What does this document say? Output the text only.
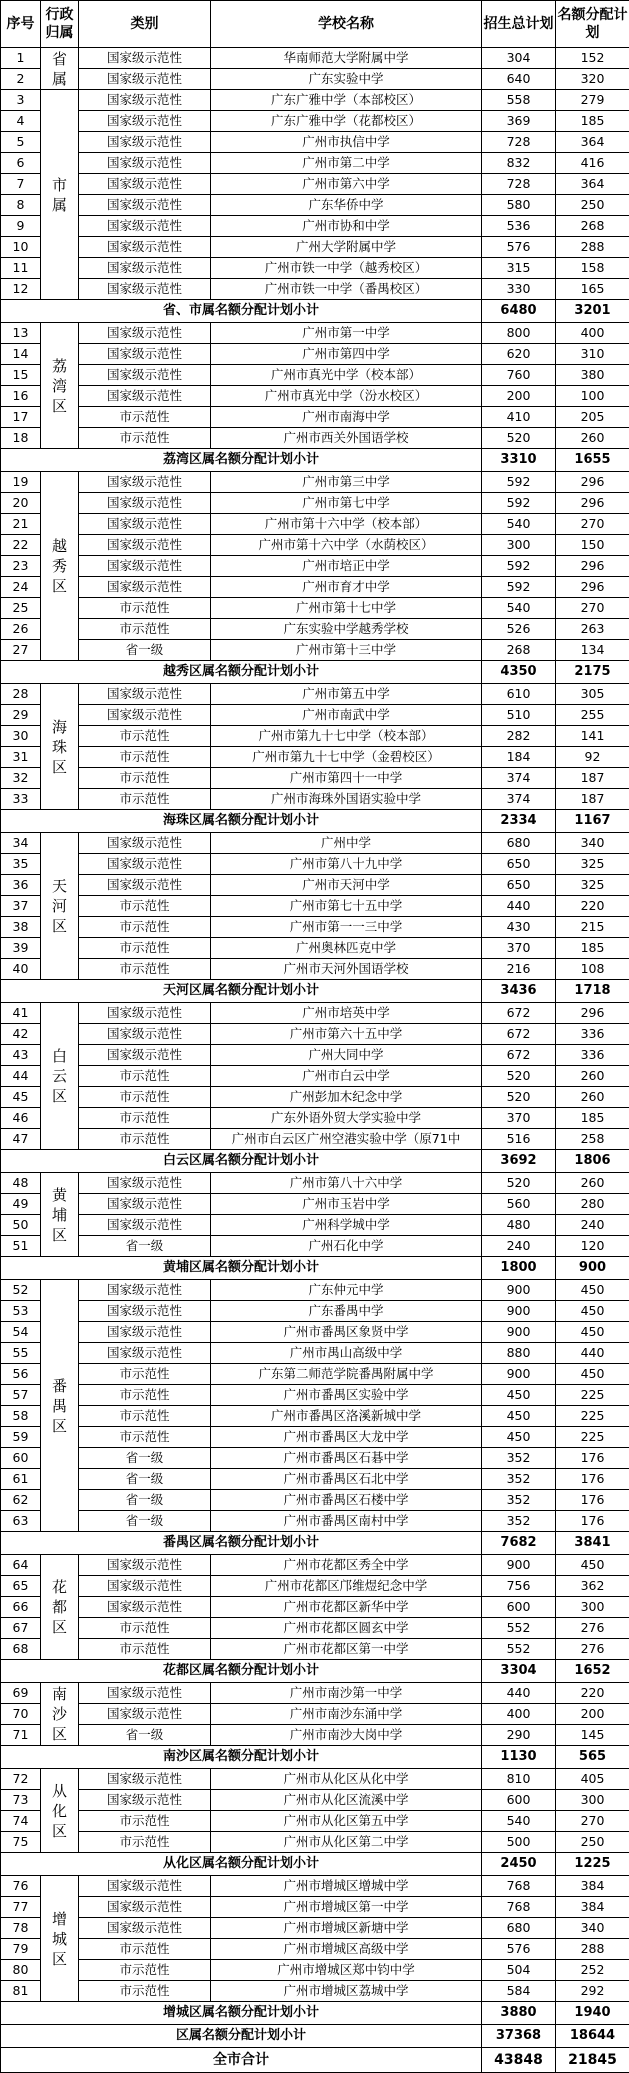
序号	行政归属	类别	学校名称	招生总计划	名额分配计划
1	省属	国家级示范性	华南师范大学附属中学	304	152
2		国家级示范性	广东实验中学	640	320
3	市属	国家级示范性	广东广雅中学（本部校区）	558	279
4		国家级示范性	广东广雅中学（花都校区）	369	185
5		国家级示范性	广州市执信中学	728	364
6		国家级示范性	广州市第二中学	832	416
7		国家级示范性	广州市第六中学	728	364
8		国家级示范性	广东华侨中学	580	250
9		国家级示范性	广州市协和中学	536	268
10		国家级示范性	广州大学附属中学	576	288
11		国家级示范性	广州市铁一中学（越秀校区）	315	158
12		国家级示范性	广州市铁一中学（番禺校区）	330	165
省、市属名额分配计划小计				6480	3201
13	荔湾区	国家级示范性	广州市第一中学	800	400
14		国家级示范性	广州市第四中学	620	310
15		国家级示范性	广州市真光中学（校本部）	760	380
16		国家级示范性	广州市真光中学（汾水校区）	200	100
17		市示范性	广州市南海中学	410	205
18		市示范性	广州市西关外国语学校	520	260
荔湾区属名额分配计划小计				3310	1655
19	越秀区	国家级示范性	广州市第三中学	592	296
20		国家级示范性	广州市第七中学	592	296
21		国家级示范性	广州市第十六中学（校本部）	540	270
22		国家级示范性	广州市第十六中学（水荫校区）	300	150
23		国家级示范性	广州市培正中学	592	296
24		国家级示范性	广州市育才中学	592	296
25		市示范性	广州市第十七中学	540	270
26		市示范性	广东实验中学越秀学校	526	263
27		省一级	广州市第十三中学	268	134
越秀区属名额分配计划小计				4350	2175
28	海珠区	国家级示范性	广州市第五中学	610	305
29		国家级示范性	广州市南武中学	510	255
30		市示范性	广州市第九十七中学（校本部）	282	141
31		市示范性	广州市第九十七中学（金碧校区）	184	92
32		市示范性	广州市第四十一中学	374	187
33		市示范性	广州市海珠外国语实验中学	374	187
海珠区属名额分配计划小计				2334	1167
34	天河区	国家级示范性	广州中学	680	340
35		国家级示范性	广州市第八十九中学	650	325
36		国家级示范性	广州市天河中学	650	325
37		市示范性	广州市第七十五中学	440	220
38		市示范性	广州市第一一三中学	430	215
39		市示范性	广州奥林匹克中学	370	185
40		市示范性	广州市天河外国语学校	216	108
天河区属名额分配计划小计				3436	1718
41	白云区	国家级示范性	广州市培英中学	672	296
42		国家级示范性	广州市第六十五中学	672	336
43		国家级示范性	广州大同中学	672	336
44		市示范性	广州市白云中学	520	260
45		市示范性	广州彭加木纪念中学	520	260
46		市示范性	广东外语外贸大学实验中学	370	185
47		市示范性	广州市白云区广州空港实验中学（原71中	516	258
白云区属名额分配计划小计				3692	1806
48	黄埔区	国家级示范性	广州市第八十六中学	520	260
49		国家级示范性	广州市玉岩中学	560	280
50		国家级示范性	广州科学城中学	480	240
51		省一级	广州石化中学	240	120
黄埔区属名额分配计划小计				1800	900
52	番禺区	国家级示范性	广东仲元中学	900	450
53		国家级示范性	广东番禺中学	900	450
54		国家级示范性	广州市番禺区象贤中学	900	450
55		国家级示范性	广州市禺山高级中学	880	440
56		市示范性	广东第二师范学院番禺附属中学	900	450
57		市示范性	广州市番禺区实验中学	450	225
58		市示范性	广州市番禺区洛溪新城中学	450	225
59		市示范性	广州市番禺区大龙中学	450	225
60		省一级	广州市番禺区石碁中学	352	176
61		省一级	广州市番禺区石北中学	352	176
62		省一级	广州市番禺区石楼中学	352	176
63		省一级	广州市番禺区南村中学	352	176
番禺区属名额分配计划小计				7682	3841
64	花都区	国家级示范性	广州市花都区秀全中学	900	450
65		国家级示范性	广州市花都区邝维煜纪念中学	756	362
66		国家级示范性	广州市花都区新华中学	600	300
67		市示范性	广州市花都区圆玄中学	552	276
68		市示范性	广州市花都区第一中学	552	276
花都区属名额分配计划小计				3304	1652
69	南沙区	国家级示范性	广州市南沙第一中学	440	220
70		国家级示范性	广州市南沙东涌中学	400	200
71		省一级	广州市南沙大岗中学	290	145
南沙区属名额分配计划小计				1130	565
72	从化区	国家级示范性	广州市从化区从化中学	810	405
73		国家级示范性	广州市从化区流溪中学	600	300
74		市示范性	广州市从化区第五中学	540	270
75		市示范性	广州市从化区第二中学	500	250
从化区属名额分配计划小计				2450	1225
76	增城区	国家级示范性	广州市增城区增城中学	768	384
77		国家级示范性	广州市增城区第一中学	768	384
78		国家级示范性	广州市增城区新塘中学	680	340
79		市示范性	广州市增城区高级中学	576	288
80		市示范性	广州市增城区郑中钧中学	504	252
81		市示范性	广州市增城区荔城中学	584	292
增城区属名额分配计划小计				3880	1940
区属名额分配计划小计				37368	18644
全市合计				43848	21845
